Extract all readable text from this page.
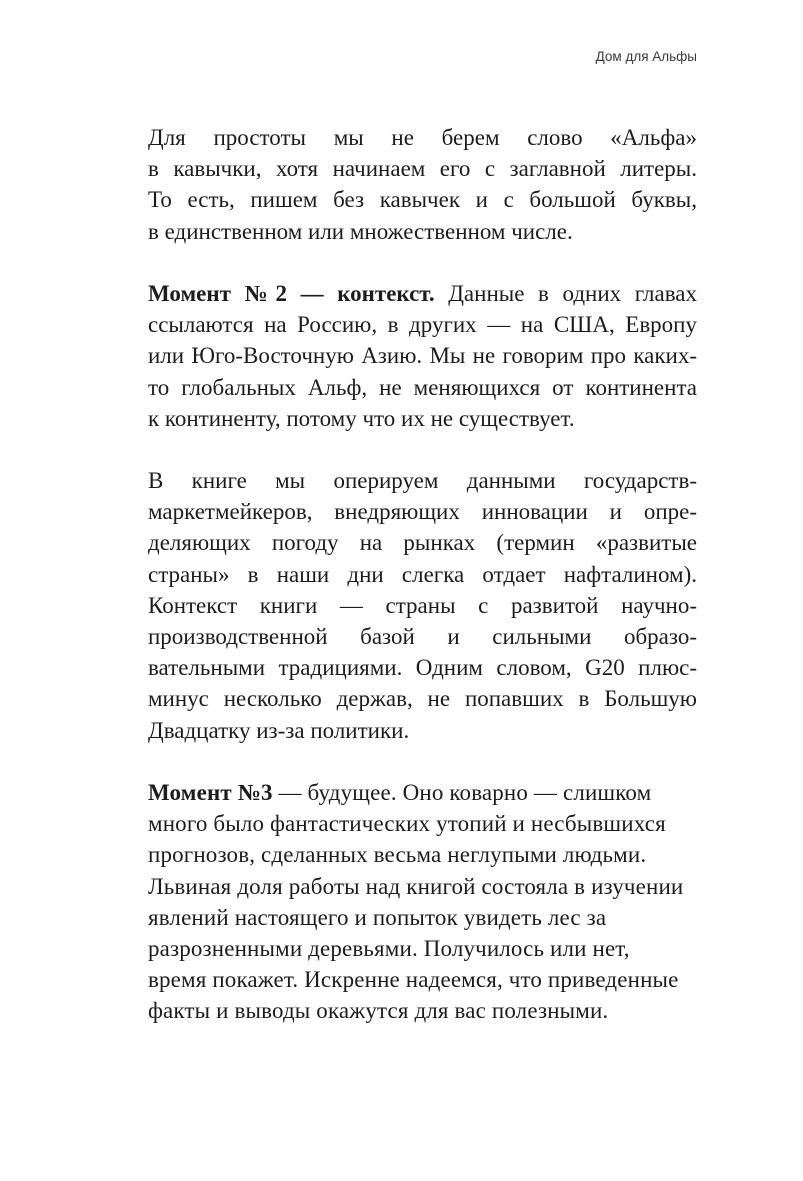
Дом для Альфы
Для простоты мы не берем слово «Альфа»
в кавычки, хотя начинаем его с заглавной литеры.
То есть, пишем без кавычек и с большой буквы,
в единственном или множественном числе.
Момент №2 — контекст. Данные в одних главах
ссылаются на Россию, в других — на США, Европу
или Юго-Восточную Азию. Мы не говорим про каких-
то глобальных Альф, не меняющихся от континента
к континенту, потому что их не существует.
В книге мы оперируем данными государств-
маркетмейкеров, внедряющих инновации и опре-
деляющих погоду на рынках (термин «развитые
страны» в наши дни слегка отдает нафталином).
Контекст книги — страны с развитой научно-
производственной базой и сильными образо-
вательными традициями. Одним словом, G20 плюс-
минус несколько держав, не попавших в Большую
Двадцатку из-за политики.
Момент №3 — будущее. Оно коварно — слишком
много было фантастических утопий и несбывшихся
прогнозов, сделанных весьма неглупыми людьми.
Львиная доля работы над книгой состояла в изучении
явлений настоящего и попыток увидеть лес за
разрозненными деревьями. Получилось или нет,
время покажет. Искренне надеемся, что приведенные
факты и выводы окажутся для вас полезными.
